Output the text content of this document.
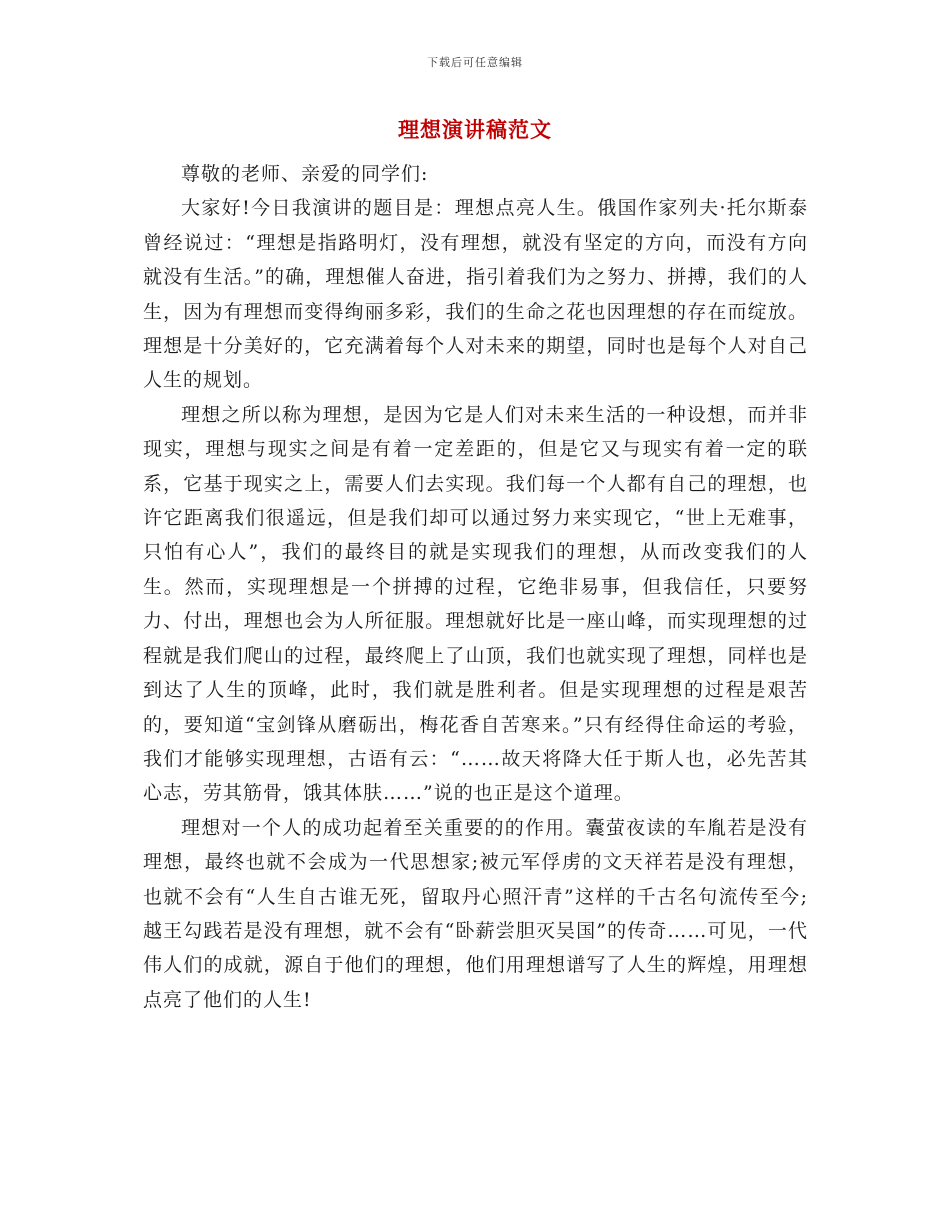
下载后可任意编辑
理想演讲稿范文

尊敬的老师、亲爱的同学们:

大家好!今日我演讲的题目是：理想点亮人生。俄国作家列夫·托尔斯泰曾经说过：“理想是指路明灯，没有理想，就没有坚定的方向，而没有方向就没有生活。”的确，理想催人奋进，指引着我们为之努力、拼搏，我们的人生，因为有理想而变得绚丽多彩，我们的生命之花也因理想的存在而绽放。理想是十分美好的，它充满着每个人对未来的期望，同时也是每个人对自己人生的规划。

理想之所以称为理想，是因为它是人们对未来生活的一种设想，而并非现实，理想与现实之间是有着一定差距的，但是它又与现实有着一定的联系，它基于现实之上，需要人们去实现。我们每一个人都有自己的理想，也许它距离我们很遥远，但是我们却可以通过努力来实现它，“世上无难事，只怕有心人”，我们的最终目的就是实现我们的理想，从而改变我们的人生。然而，实现理想是一个拼搏的过程，它绝非易事，但我信任，只要努力、付出，理想也会为人所征服。理想就好比是一座山峰，而实现理想的过程就是我们爬山的过程，最终爬上了山顶，我们也就实现了理想，同样也是到达了人生的顶峰，此时，我们就是胜利者。但是实现理想的过程是艰苦的，要知道“宝剑锋从磨砺出，梅花香自苦寒来。”只有经得住命运的考验，我们才能够实现理想，古语有云：“……故天将降大任于斯人也，必先苦其心志，劳其筋骨，饿其体肤……”说的也正是这个道理。

理想对一个人的成功起着至关重要的的作用。囊萤夜读的车胤若是没有理想，最终也就不会成为一代思想家;被元军俘虏的文天祥若是没有理想，也就不会有“人生自古谁无死，留取丹心照汗青”这样的千古名句流传至今;越王勾践若是没有理想，就不会有“卧薪尝胆灭吴国”的传奇……可见，一代伟人们的成就，源自于他们的理想，他们用理想谱写了人生的辉煌，用理想点亮了他们的人生!
